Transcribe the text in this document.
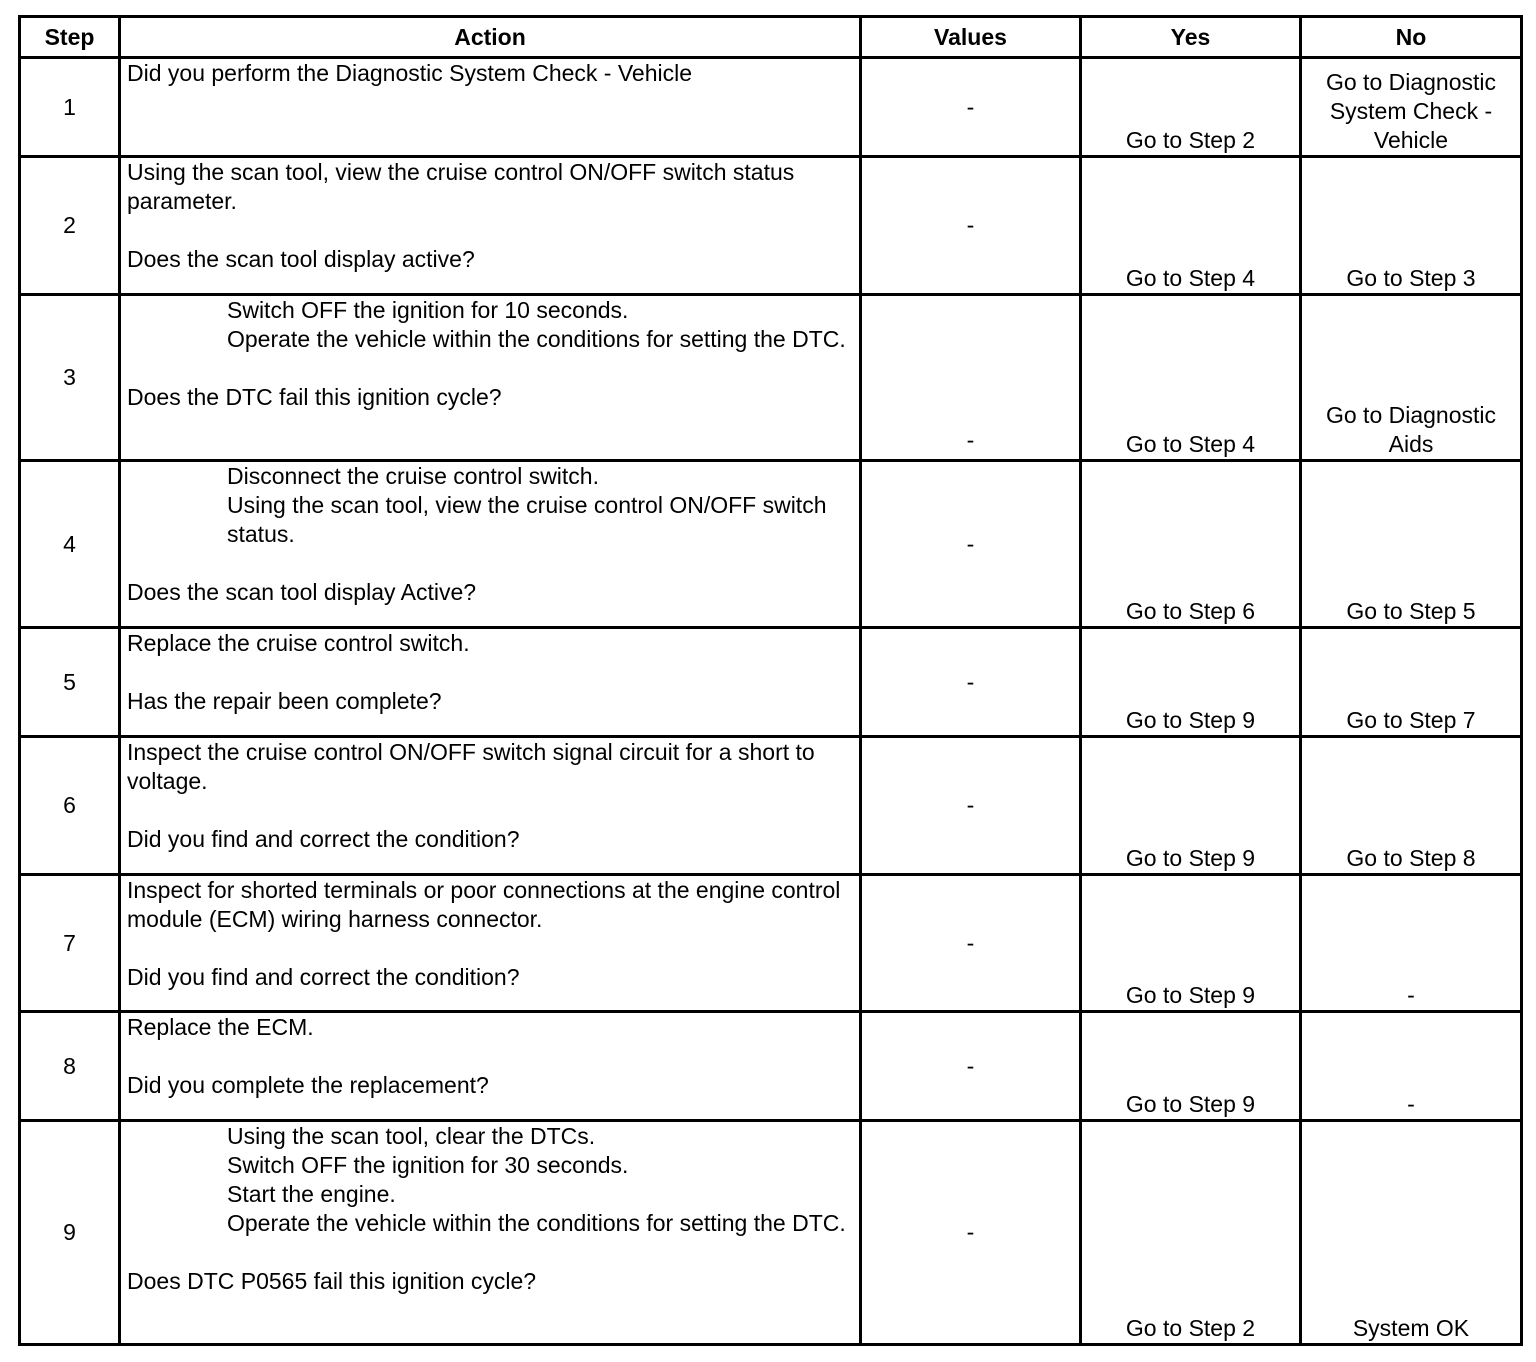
Step	Action	Values	Yes	No
1	Did you perform the Diagnostic System Check - Vehicle	-	Go to Step 2	Go to Diagnostic System Check - Vehicle
2	Using the scan tool, view the cruise control ON/OFF switch status parameter.
Does the scan tool display active?	-	Go to Step 4	Go to Step 3
3	Switch OFF the ignition for 10 seconds.
Operate the vehicle within the conditions for setting the DTC.
Does the DTC fail this ignition cycle?	-	Go to Step 4	Go to Diagnostic Aids
4	Disconnect the cruise control switch.
Using the scan tool, view the cruise control ON/OFF switch status.
Does the scan tool display Active?	-	Go to Step 6	Go to Step 5
5	Replace the cruise control switch.
Has the repair been complete?	-	Go to Step 9	Go to Step 7
6	Inspect the cruise control ON/OFF switch signal circuit for a short to voltage.
Did you find and correct the condition?	-	Go to Step 9	Go to Step 8
7	Inspect for shorted terminals or poor connections at the engine control module (ECM) wiring harness connector.
Did you find and correct the condition?	-	Go to Step 9	-
8	Replace the ECM.
Did you complete the replacement?	-	Go to Step 9	-
9	Using the scan tool, clear the DTCs.
Switch OFF the ignition for 30 seconds.
Start the engine.
Operate the vehicle within the conditions for setting the DTC.
Does DTC P0565 fail this ignition cycle?	-	Go to Step 2	System OK
